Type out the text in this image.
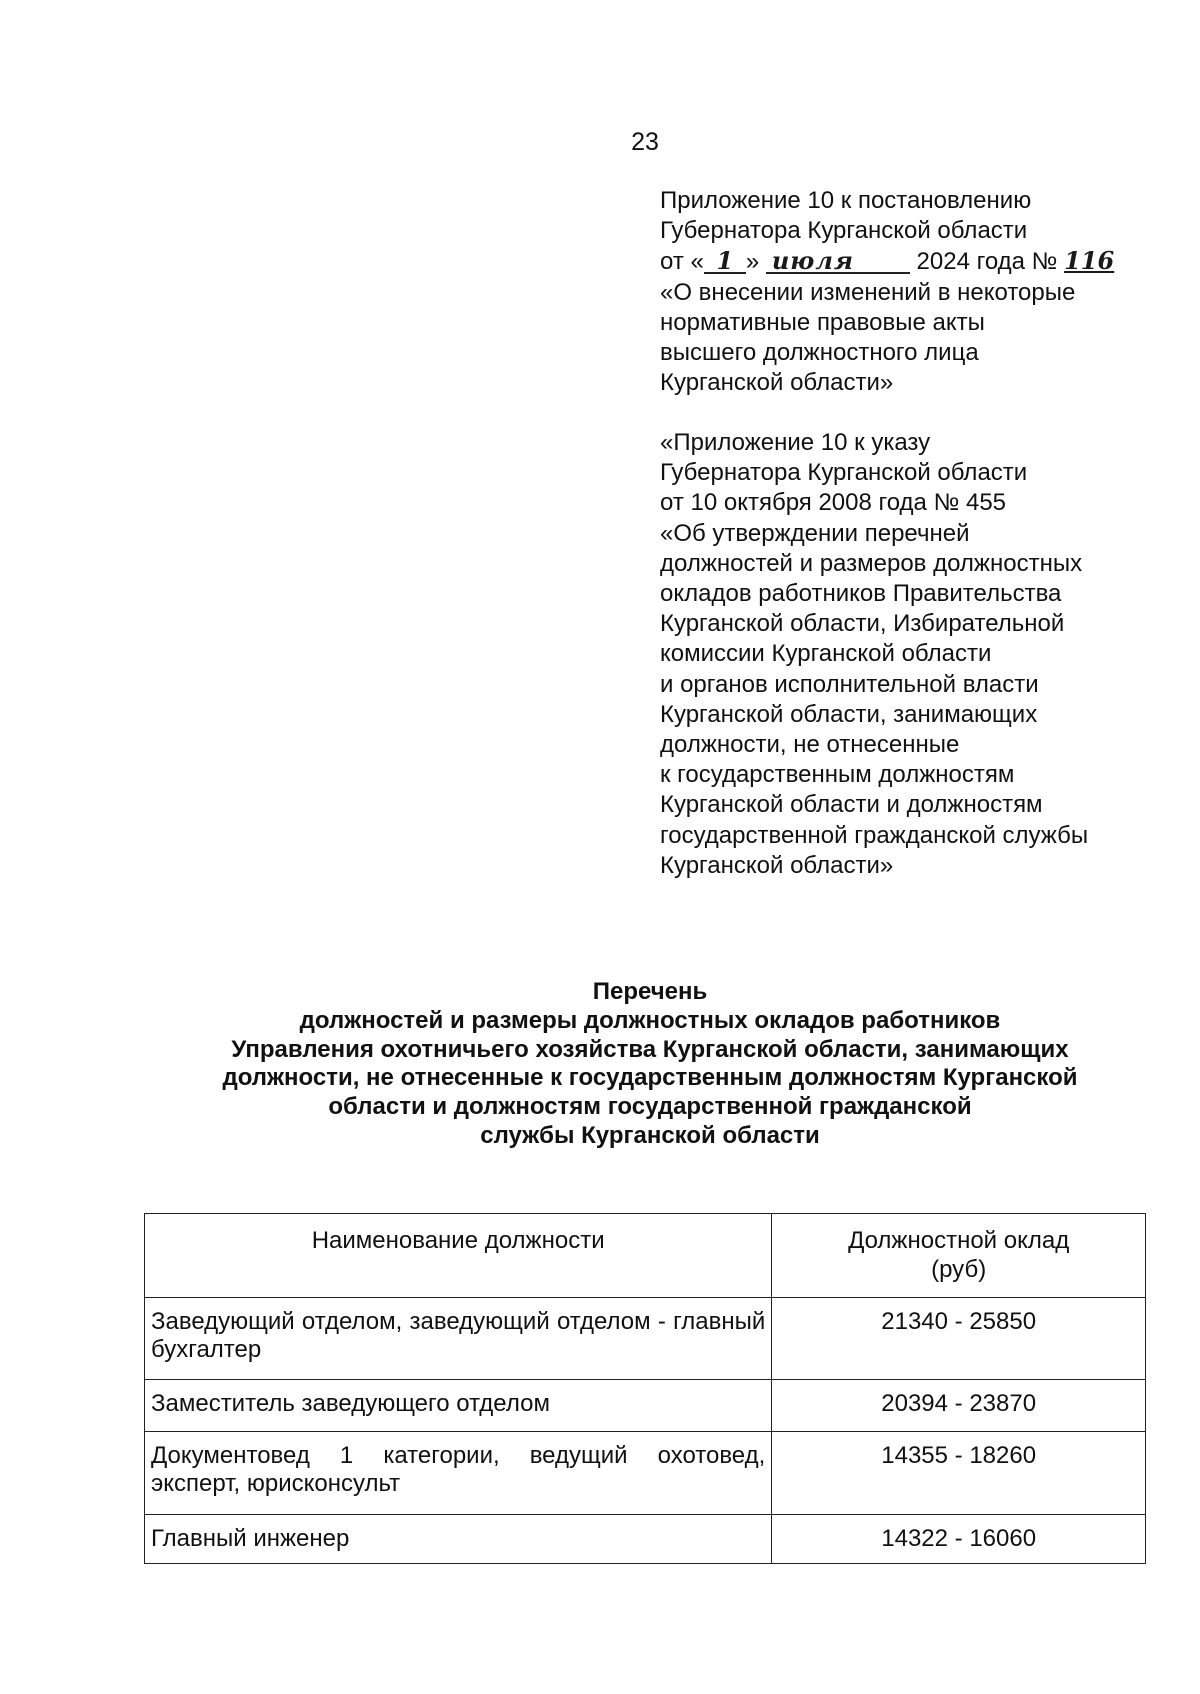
23
Приложение 10 к постановлению
Губернатора Курганской области
от « 1 » июля	2024 года № 116
«О внесении изменений в некоторые
нормативные правовые акты
высшего должностного лица
Курганской области»
«Приложение 10 к указу
Губернатора Курганской области
от 10 октября 2008 года № 455
«Об утверждении перечней
должностей и размеров должностных
окладов работников Правительства
Курганской области, Избирательной
комиссии Курганской области
и органов исполнительной власти
Курганской области, занимающих
должности, не отнесенные
к государственным должностям
Курганской области и должностям
государственной гражданской службы
Курганской области»
Перечень
должностей и размеры должностных окладов работников
Управления охотничьего хозяйства Курганской области, занимающих
должности, не отнесенные к государственным должностям Курганской
области и должностям государственной гражданской
службы Курганской области
Наименование должности	Должностной оклад
(руб)
Заведующий отделом, заведующий отделом - главный бухгалтер	21340 - 25850
Заместитель заведующего отделом	20394 - 23870
Документовед 1 категории, ведущий охотовед, эксперт, юрисконсульт	14355 - 18260
Главный инженер	14322 - 16060
